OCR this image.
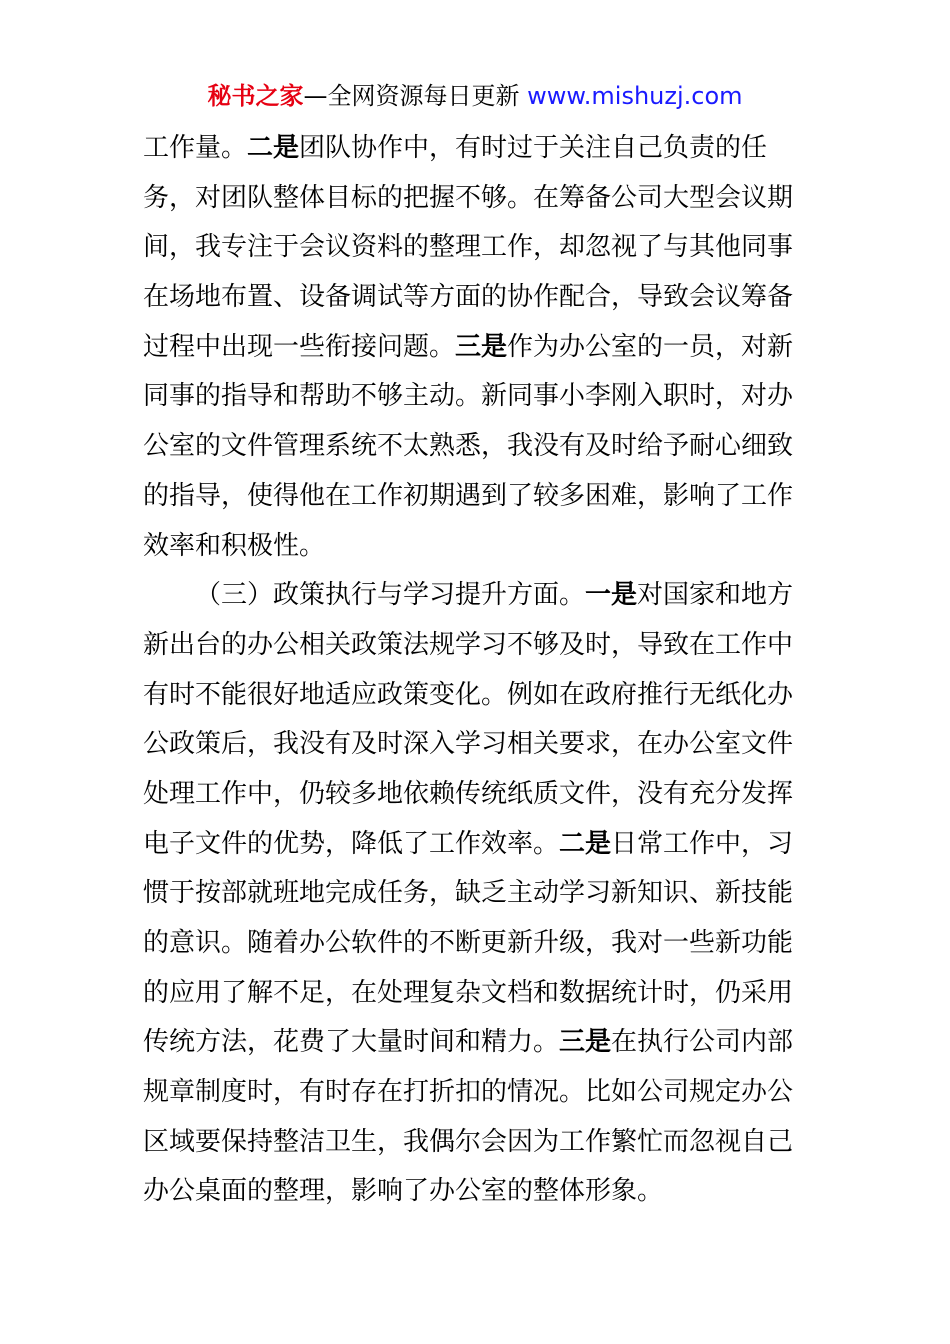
秘书之家—全网资源每日更新 www.mishuzj.com
工作量。二是团队协作中，有时过于关注自己负责的任
务，对团队整体目标的把握不够。在筹备公司大型会议期
间，我专注于会议资料的整理工作，却忽视了与其他同事
在场地布置、设备调试等方面的协作配合，导致会议筹备
过程中出现一些衔接问题。三是作为办公室的一员，对新
同事的指导和帮助不够主动。新同事小李刚入职时，对办
公室的文件管理系统不太熟悉，我没有及时给予耐心细致
的指导，使得他在工作初期遇到了较多困难，影响了工作
效率和积极性。
（三）政策执行与学习提升方面。一是对国家和地方
新出台的办公相关政策法规学习不够及时，导致在工作中
有时不能很好地适应政策变化。例如在政府推行无纸化办
公政策后，我没有及时深入学习相关要求，在办公室文件
处理工作中，仍较多地依赖传统纸质文件，没有充分发挥
电子文件的优势，降低了工作效率。二是日常工作中，习
惯于按部就班地完成任务，缺乏主动学习新知识、新技能
的意识。随着办公软件的不断更新升级，我对一些新功能
的应用了解不足，在处理复杂文档和数据统计时，仍采用
传统方法，花费了大量时间和精力。三是在执行公司内部
规章制度时，有时存在打折扣的情况。比如公司规定办公
区域要保持整洁卫生，我偶尔会因为工作繁忙而忽视自己
办公桌面的整理，影响了办公室的整体形象。
